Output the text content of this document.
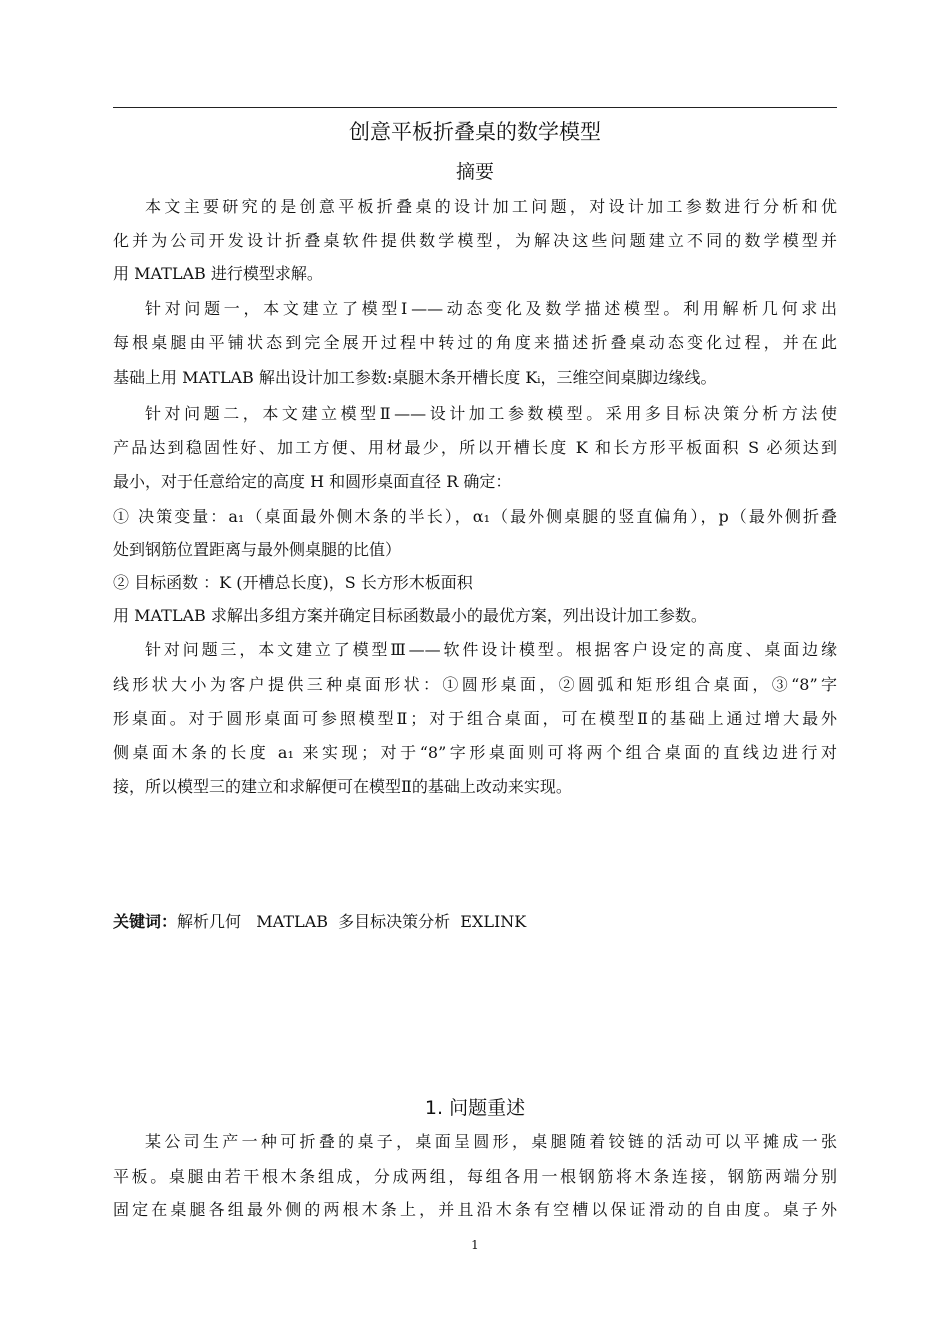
创意平板折叠桌的数学模型
摘要
本文主要研究的是创意平板折叠桌的设计加工问题，对设计加工参数进行分析和优
化并为公司开发设计折叠桌软件提供数学模型，为解决这些问题建立不同的数学模型并
用 MATLAB 进行模型求解。
针对问题一，本文建立了模型Ⅰ——动态变化及数学描述模型。利用解析几何求出
每根桌腿由平铺状态到完全展开过程中转过的角度来描述折叠桌动态变化过程，并在此
基础上用 MATLAB 解出设计加工参数:桌腿木条开槽长度 Kᵢ，三维空间桌脚边缘线。
针对问题二，本文建立模型Ⅱ——设计加工参数模型。采用多目标决策分析方法使
产品达到稳固性好、加工方便、用材最少，所以开槽长度 K 和长方形平板面积 S 必须达到
最小，对于任意给定的高度 H 和圆形桌面直径 R 确定：
① 决策变量：a₁（桌面最外侧木条的半长），α₁（最外侧桌腿的竖直偏角），p（最外侧折叠
处到钢筋位置距离与最外侧桌腿的比值）
② 目标函数 ：K (开槽总长度)，S 长方形木板面积
用 MATLAB 求解出多组方案并确定目标函数最小的最优方案，列出设计加工参数。
针对问题三，本文建立了模型Ⅲ——软件设计模型。根据客户设定的高度、桌面边缘
线形状大小为客户提供三种桌面形状：①圆形桌面，②圆弧和矩形组合桌面，③“8”字
形桌面。对于圆形桌面可参照模型Ⅱ；对于组合桌面，可在模型Ⅱ的基础上通过增大最外
侧桌面木条的长度 a₁ 来实现；对于“8”字形桌面则可将两个组合桌面的直线边进行对
接，所以模型三的建立和求解便可在模型Ⅱ的基础上改动来实现。
关键词：解析几何   MATLAB  多目标决策分析  EXLINK
1. 问题重述
某公司生产一种可折叠的桌子，桌面呈圆形，桌腿随着铰链的活动可以平摊成一张
平板。桌腿由若干根木条组成，分成两组，每组各用一根钢筋将木条连接，钢筋两端分别
固定在桌腿各组最外侧的两根木条上，并且沿木条有空槽以保证滑动的自由度。桌子外
1
